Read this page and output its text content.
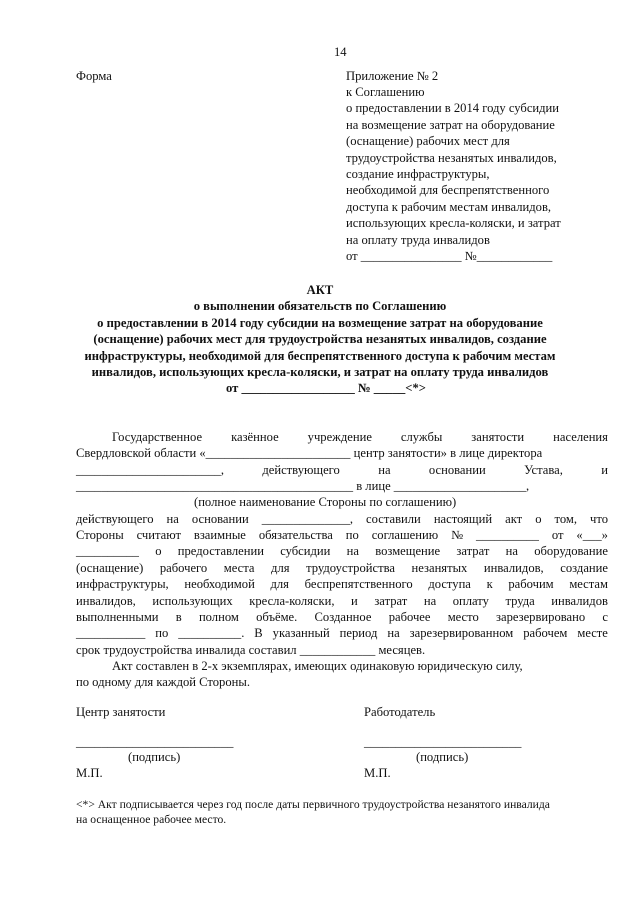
14
Форма	Приложение № 2
к Соглашению
о предоставлении в 2014 году субсидии
на возмещение затрат на оборудование
(оснащение) рабочих мест для
трудоустройства незанятых инвалидов,
создание инфраструктуры,
необходимой для беспрепятственного
доступа к рабочим местам инвалидов,
использующих кресла-коляски, и затрат
на оплату труда инвалидов
от ________________ №____________
АКТ
о выполнении обязательств по Соглашению
о предоставлении в 2014 году субсидии на возмещение затрат на оборудование
(оснащение) рабочих мест для трудоустройства незанятых инвалидов, создание
инфраструктуры, необходимой для беспрепятственного доступа к рабочим местам
инвалидов, использующих кресла-коляски, и затрат на оплату труда инвалидов
от __________________ № _____<*>
Государственное казённое учреждение службы занятости населения
Свердловской области «_______________________ центр занятости» в лице директора
_______________________,	действующего	на	основании	Устава,	и
____________________________________________ в лице _____________________,
(полное наименование Стороны по соглашению)
действующего на основании ______________, составили настоящий акт о том, что
Стороны считают взаимные обязательства по соглашению № __________ от «___»
__________ о предоставлении субсидии на возмещение затрат на оборудование
(оснащение) рабочего места для трудоустройства незанятых инвалидов, создание
инфраструктуры, необходимой для беспрепятственного доступа к рабочим местам
инвалидов, использующих кресла-коляски, и затрат на оплату труда инвалидов
выполненными в полном объёме. Созданное рабочее место зарезервировано с
___________ по __________. В указанный период на зарезервированном рабочем месте
срок трудоустройства инвалида составил ____________ месяцев.
Акт составлен в 2-х экземплярах, имеющих одинаковую юридическую силу,
по одному для каждой Стороны.
Центр занятости	Работодатель
_________________________	_________________________
(подпись)	(подпись)
М.П.	М.П.
<*> Акт подписывается через год после даты первичного трудоустройства незанятого инвалида
на оснащенное рабочее место.
